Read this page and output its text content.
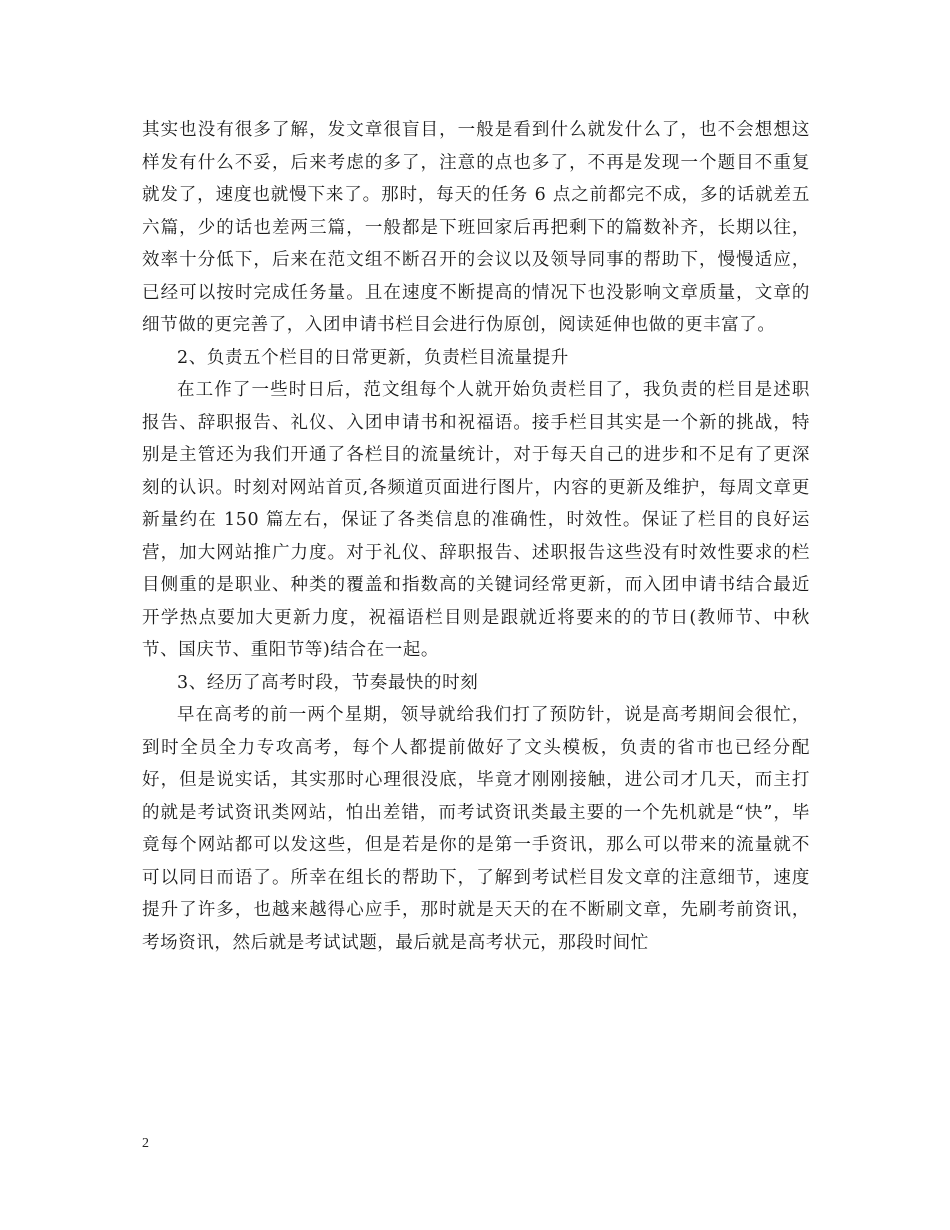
其实也没有很多了解，发文章很盲目，一般是看到什么就发什么了，也不会想想这样发有什么不妥，后来考虑的多了，注意的点也多了，不再是发现一个题目不重复就发了，速度也就慢下来了。那时，每天的任务 6 点之前都完不成，多的话就差五六篇，少的话也差两三篇，一般都是下班回家后再把剩下的篇数补齐，长期以往，效率十分低下，后来在范文组不断召开的会议以及领导同事的帮助下，慢慢适应，已经可以按时完成任务量。且在速度不断提高的情况下也没影响文章质量，文章的细节做的更完善了，入团申请书栏目会进行伪原创，阅读延伸也做的更丰富了。

2、负责五个栏目的日常更新，负责栏目流量提升

在工作了一些时日后，范文组每个人就开始负责栏目了，我负责的栏目是述职报告、辞职报告、礼仪、入团申请书和祝福语。接手栏目其实是一个新的挑战，特别是主管还为我们开通了各栏目的流量统计，对于每天自己的进步和不足有了更深刻的认识。时刻对网站首页,各频道页面进行图片，内容的更新及维护，每周文章更新量约在 150 篇左右，保证了各类信息的准确性，时效性。保证了栏目的良好运营，加大网站推广力度。对于礼仪、辞职报告、述职报告这些没有时效性要求的栏目侧重的是职业、种类的覆盖和指数高的关键词经常更新，而入团申请书结合最近开学热点要加大更新力度，祝福语栏目则是跟就近将要来的的节日(教师节、中秋节、国庆节、重阳节等)结合在一起。

3、经历了高考时段，节奏最快的时刻

早在高考的前一两个星期，领导就给我们打了预防针，说是高考期间会很忙，到时全员全力专攻高考，每个人都提前做好了文头模板，负责的省市也已经分配好，但是说实话，其实那时心理很没底，毕竟才刚刚接触，进公司才几天，而主打的就是考试资讯类网站，怕出差错，而考试资讯类最主要的一个先机就是“快”，毕竟每个网站都可以发这些，但是若是你的是第一手资讯，那么可以带来的流量就不可以同日而语了。所幸在组长的帮助下，了解到考试栏目发文章的注意细节，速度提升了许多，也越来越得心应手，那时就是天天的在不断刷文章，先刷考前资讯，考场资讯，然后就是考试试题，最后就是高考状元，那段时间忙

2
